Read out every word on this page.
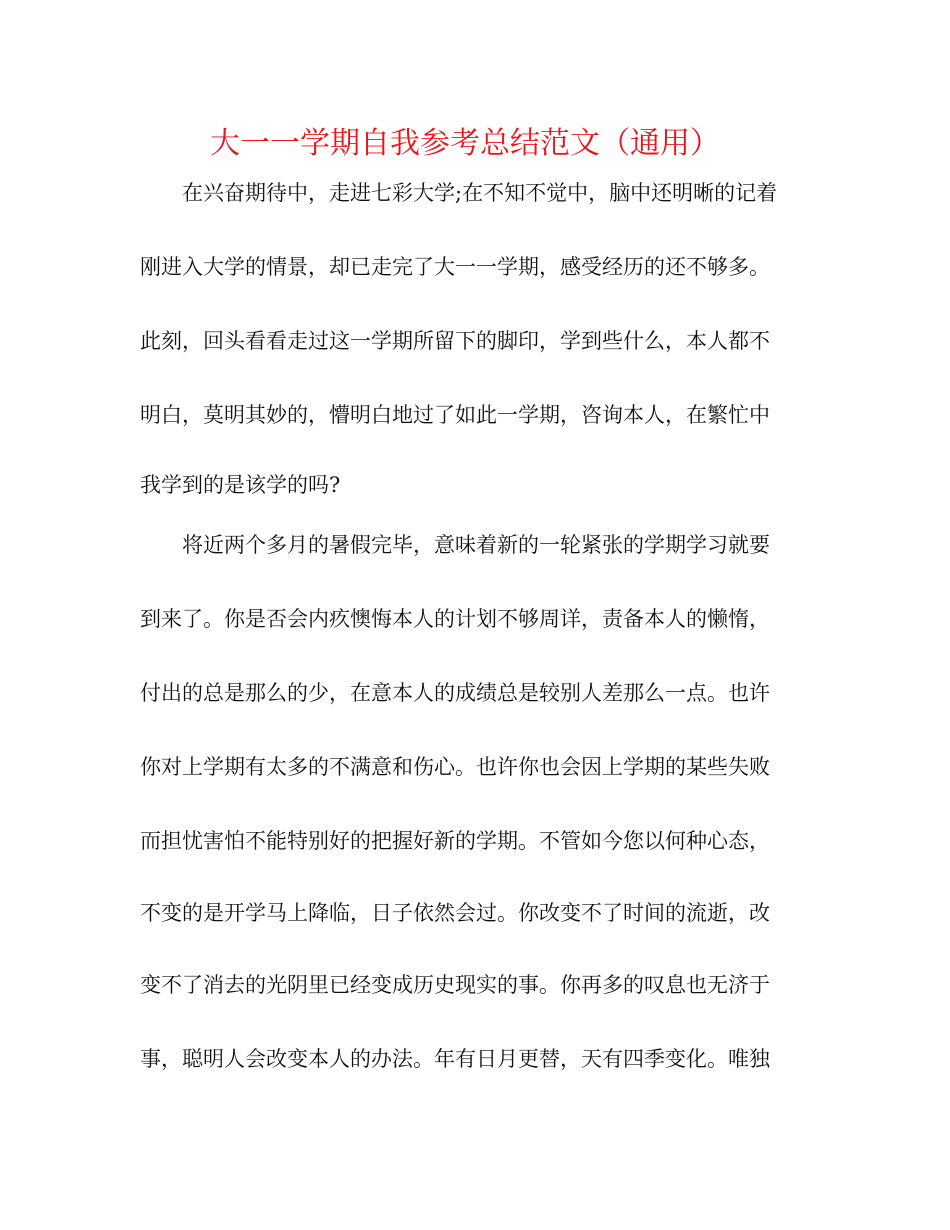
大一一学期自我参考总结范文（通用）

在兴奋期待中，走进七彩大学;在不知不觉中，脑中还明晰的记着

刚进入大学的情景，却已走完了大一一学期，感受经历的还不够多。

此刻，回头看看走过这一学期所留下的脚印，学到些什么，本人都不

明白，莫明其妙的，懵明白地过了如此一学期，咨询本人，在繁忙中

我学到的是该学的吗?

将近两个多月的暑假完毕，意味着新的一轮紧张的学期学习就要

到来了。你是否会内疚懊悔本人的计划不够周详，责备本人的懒惰，

付出的总是那么的少，在意本人的成绩总是较别人差那么一点。也许

你对上学期有太多的不满意和伤心。也许你也会因上学期的某些失败

而担忧害怕不能特别好的把握好新的学期。不管如今您以何种心态，

不变的是开学马上降临，日子依然会过。你改变不了时间的流逝，改

变不了消去的光阴里已经变成历史现实的事。你再多的叹息也无济于

事，聪明人会改变本人的办法。年有日月更替，天有四季变化。唯独
